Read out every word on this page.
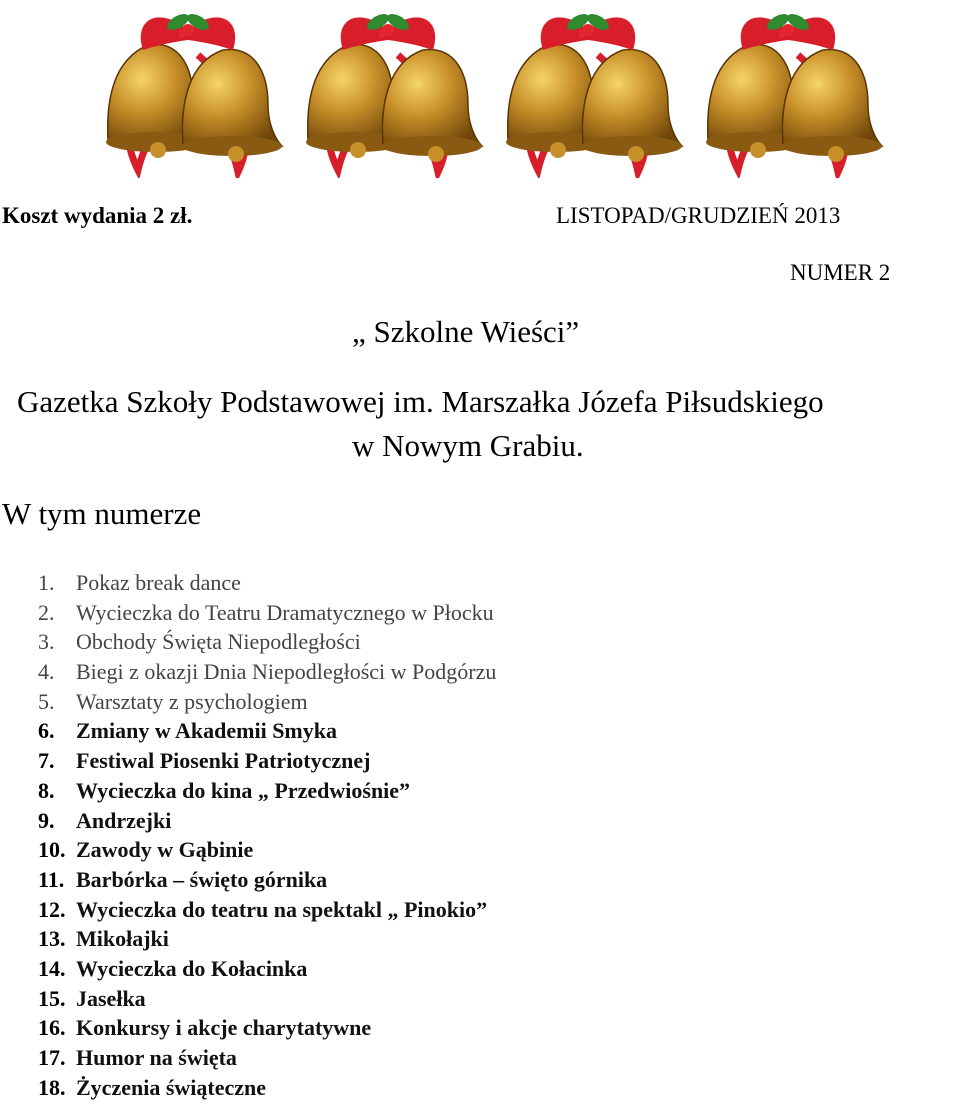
Koszt wydania 2 zł.	LISTOPAD/GRUDZIEŃ 2013
NUMER 2
„ Szkolne Wieści”
Gazetka Szkoły Podstawowej im. Marszałka Józefa Piłsudskiego
w Nowym Grabiu.
W tym numerze
1. Pokaz break dance
2. Wycieczka do Teatru Dramatycznego w Płocku
3. Obchody Święta Niepodległości
4. Biegi z okazji Dnia Niepodległości w Podgórzu
5. Warsztaty z psychologiem
6. Zmiany w Akademii Smyka
7. Festiwal Piosenki Patriotycznej
8. Wycieczka do kina „ Przedwiośnie”
9. Andrzejki
10. Zawody w Gąbinie
11. Barbórka – święto górnika
12. Wycieczka do teatru na spektakl „ Pinokio”
13. Mikołajki
14. Wycieczka do Kołacinka
15. Jasełka
16. Konkursy i akcje charytatywne
17. Humor na święta
18. Życzenia świąteczne
